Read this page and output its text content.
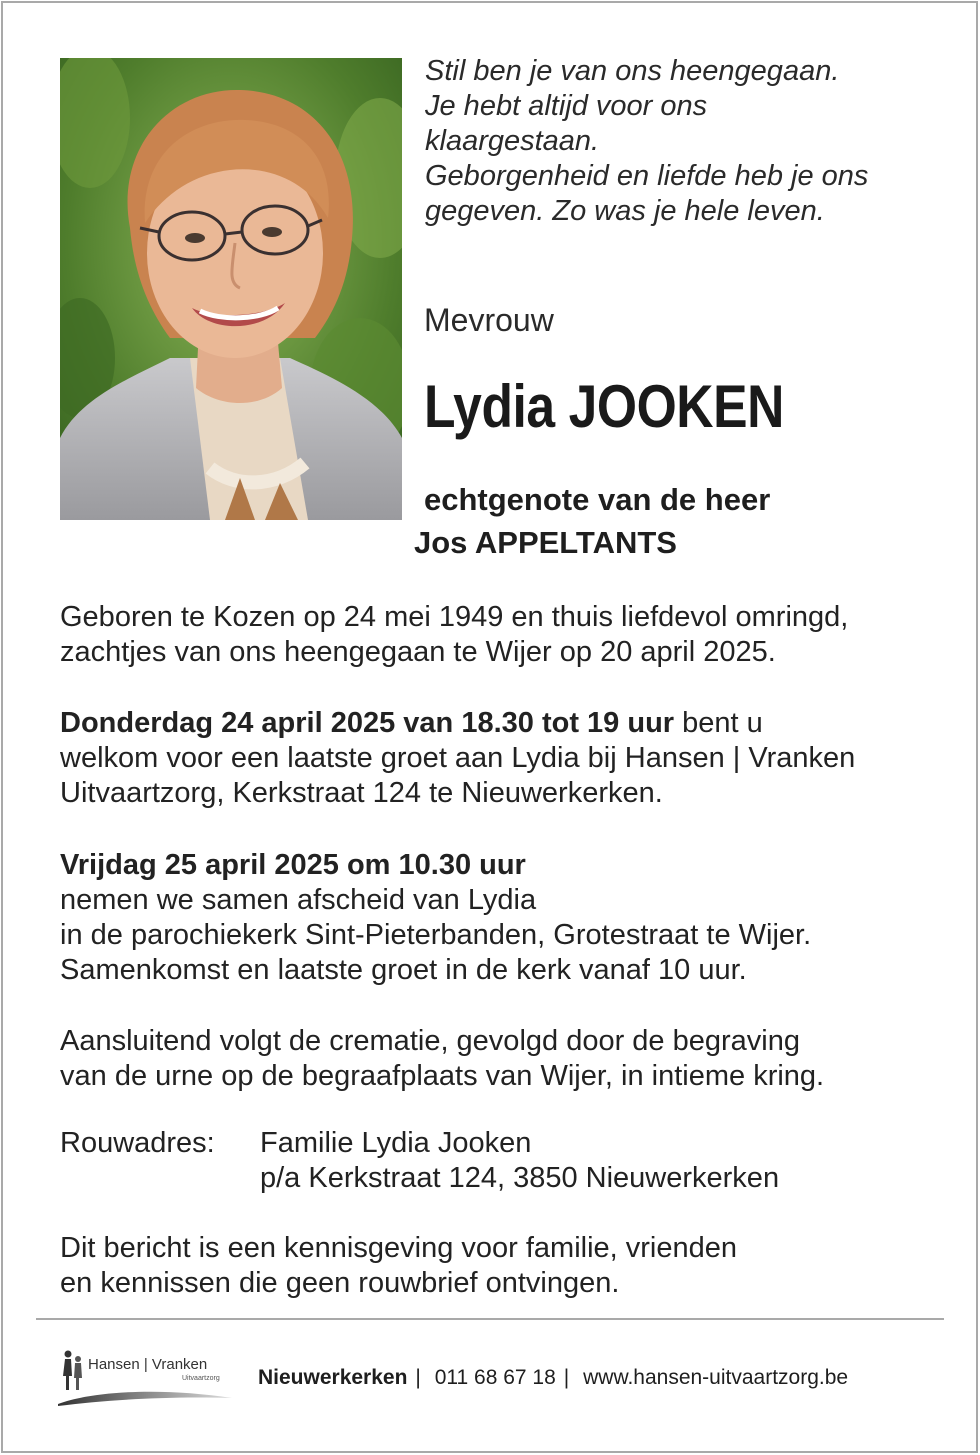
Stil ben je van ons heengegaan.
Je hebt altijd voor ons
klaargestaan.
Geborgenheid en liefde heb je ons
gegeven. Zo was je hele leven.
Mevrouw
Lydia JOOKEN
echtgenote van de heer
Jos APPELTANTS
Geboren te Kozen op 24 mei 1949 en thuis liefdevol omringd,
zachtjes van ons heengegaan te Wijer op 20 april 2025.
Donderdag 24 april 2025 van 18.30 tot 19 uur bent u
welkom voor een laatste groet aan Lydia bij Hansen | Vranken
Uitvaartzorg, Kerkstraat 124 te Nieuwerkerken.
Vrijdag 25 april 2025 om 10.30 uur
nemen we samen afscheid van Lydia
in de parochiekerk Sint-Pieterbanden, Grotestraat te Wijer.
Samenkomst en laatste groet in de kerk vanaf 10 uur.
Aansluitend volgt de crematie, gevolgd door de begraving
van de urne op de begraafplaats van Wijer, in intieme kring.
Rouwadres: Familie Lydia Jooken
p/a Kerkstraat 124, 3850 Nieuwerkerken
Dit bericht is een kennisgeving voor familie, vrienden
en kennissen die geen rouwbrief ontvingen.
Hansen | Vranken
Uitvaartzorg Nieuwerkerken | 011 68 67 18 | www.hansen-uitvaartzorg.be
